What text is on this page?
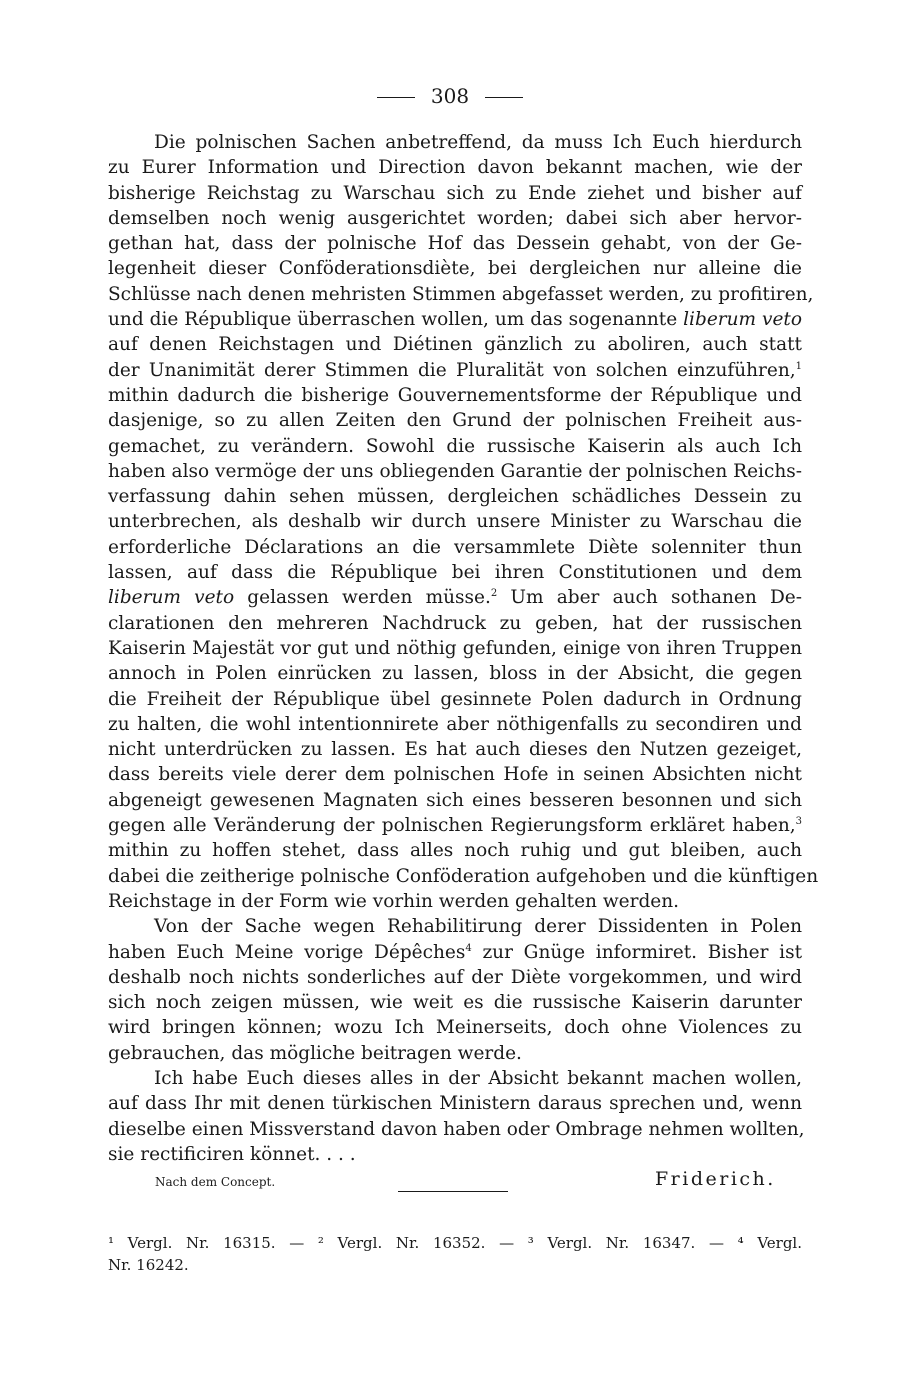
308
Die polnischen Sachen anbetreffend, da muss Ich Euch hierdurch
zu Eurer Information und Direction davon bekannt machen, wie der
bisherige Reichstag zu Warschau sich zu Ende ziehet und bisher auf
demselben noch wenig ausgerichtet worden; dabei sich aber hervor-
gethan hat, dass der polnische Hof das Dessein gehabt, von der Ge-
legenheit dieser Conföderationsdiète, bei dergleichen nur alleine die
Schlüsse nach denen mehristen Stimmen abgefasset werden, zu profitiren,
und die République überraschen wollen, um das sogenannte liberum veto
auf denen Reichstagen und Diétinen gänzlich zu aboliren, auch statt
der Unanimität derer Stimmen die Pluralität von solchen einzuführen,$^1$
mithin dadurch die bisherige Gouvernementsforme der République und
dasjenige, so zu allen Zeiten den Grund der polnischen Freiheit aus-
gemachet, zu verändern. Sowohl die russische Kaiserin als auch Ich
haben also vermöge der uns obliegenden Garantie der polnischen Reichs-
verfassung dahin sehen müssen, dergleichen schädliches Dessein zu
unterbrechen, als deshalb wir durch unsere Minister zu Warschau die
erforderliche Déclarations an die versammlete Diète solenniter thun
lassen, auf dass die République bei ihren Constitutionen und dem
liberum veto gelassen werden müsse.$^2$ Um aber auch sothanen De-
clarationen den mehreren Nachdruck zu geben, hat der russischen
Kaiserin Majestät vor gut und nöthig gefunden, einige von ihren Truppen
annoch in Polen einrücken zu lassen, bloss in der Absicht, die gegen
die Freiheit der République übel gesinnete Polen dadurch in Ordnung
zu halten, die wohl intentionnirete aber nöthigenfalls zu secondiren und
nicht unterdrücken zu lassen. Es hat auch dieses den Nutzen gezeiget,
dass bereits viele derer dem polnischen Hofe in seinen Absichten nicht
abgeneigt gewesenen Magnaten sich eines besseren besonnen und sich
gegen alle Veränderung der polnischen Regierungsform erkläret haben,$^3$
mithin zu hoffen stehet, dass alles noch ruhig und gut bleiben, auch
dabei die zeitherige polnische Conföderation aufgehoben und die künftigen
Reichstage in der Form wie vorhin werden gehalten werden.
Von der Sache wegen Rehabilitirung derer Dissidenten in Polen
haben Euch Meine vorige Dépêches$^4$ zur Gnüge informiret. Bisher ist
deshalb noch nichts sonderliches auf der Diète vorgekommen, und wird
sich noch zeigen müssen, wie weit es die russische Kaiserin darunter
wird bringen können; wozu Ich Meinerseits, doch ohne Violences zu
gebrauchen, das mögliche beitragen werde.
Ich habe Euch dieses alles in der Absicht bekannt machen wollen,
auf dass Ihr mit denen türkischen Ministern daraus sprechen und, wenn
dieselbe einen Missverstand davon haben oder Ombrage nehmen wollten,
sie rectificiren könnet. . . .
Nach dem Concept.	Friderich.
¹ Vergl. Nr. 16315. — ² Vergl. Nr. 16352. — ³ Vergl. Nr. 16347. — ⁴ Vergl.
Nr. 16242.
